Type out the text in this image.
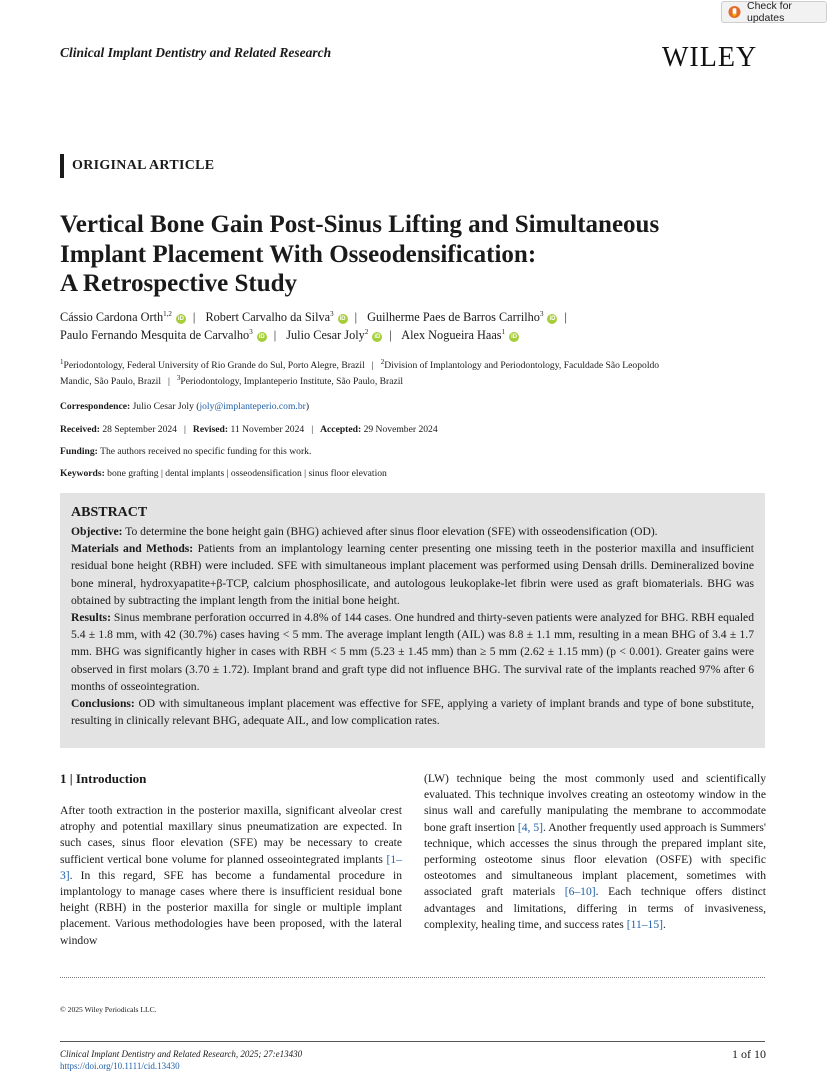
Check for updates
Clinical Implant Dentistry and Related Research	WILEY
ORIGINAL ARTICLE
Vertical Bone Gain Post-Sinus Lifting and Simultaneous
Implant Placement With Osseodensification:
A Retrospective Study
Cássio Cardona Orth$^{1,2}$iD | Robert Carvalho da Silva$^3$iD | Guilherme Paes de Barros Carrilho$^3$iD |
Paulo Fernando Mesquita de Carvalho$^3$iD | Julio Cesar Joly$^2$iD | Alex Nogueira Haas$^1$iD
$^1$Periodontology, Federal University of Rio Grande do Sul, Porto Alegre, Brazil | $^2$Division of Implantology and Periodontology, Faculdade São Leopoldo
Mandic, São Paulo, Brazil | $^3$Periodontology, Implanteperio Institute, São Paulo, Brazil
Correspondence: Julio Cesar Joly (joly@implanteperio.com.br)
Received: 28 September 2024 | Revised: 11 November 2024 | Accepted: 29 November 2024
Funding: The authors received no specific funding for this work.
Keywords: bone grafting | dental implants | osseodensification | sinus floor elevation
ABSTRACT

Objective: To determine the bone height gain (BHG) achieved after sinus floor elevation (SFE) with osseodensification (OD).

Materials and Methods: Patients from an implantology learning center presenting one missing teeth in the posterior maxilla and insufficient residual bone height (RBH) were included. SFE with simultaneous implant placement was performed using Densah drills. Demineralized bovine bone mineral, hydroxyapatite+β-TCP, calcium phosphosilicate, and autologous leukoplake-let fibrin were used as graft biomaterials. BHG was obtained by subtracting the implant length from the initial bone height.

Results: Sinus membrane perforation occurred in 4.8% of 144 cases. One hundred and thirty-seven patients were analyzed for BHG. RBH equaled 5.4 ± 1.8 mm, with 42 (30.7%) cases having < 5 mm. The average implant length (AIL) was 8.8 ± 1.1 mm, resulting in a mean BHG of 3.4 ± 1.7 mm. BHG was significantly higher in cases with RBH < 5 mm (5.23 ± 1.45 mm) than ≥ 5 mm (2.62 ± 1.15 mm) (p < 0.001). Greater gains were observed in first molars (3.70 ± 1.72). Implant brand and graft type did not influence BHG. The survival rate of the implants reached 97% after 6 months of osseointegration.

Conclusions: OD with simultaneous implant placement was effective for SFE, applying a variety of implant brands and type of bone substitute, resulting in clinically relevant BHG, adequate AIL, and low complication rates.

1 | Introduction
After tooth extraction in the posterior maxilla, significant alveolar crest atrophy and potential maxillary sinus pneumatization are expected. In such cases, sinus floor elevation (SFE) may be necessary to create sufficient vertical bone volume for planned osseointegrated implants [1–3]. In this regard, SFE has become a fundamental procedure in implantology to manage cases where there is insufficient residual bone height (RBH) in the posterior maxilla for single or multiple implant placement. Various methodologies have been proposed, with the lateral window
(LW) technique being the most commonly used and scientifically evaluated. This technique involves creating an osteotomy window in the sinus wall and carefully manipulating the membrane to accommodate bone graft insertion [4, 5]. Another frequently used approach is Summers' technique, which accesses the sinus through the prepared implant site, performing osteotome sinus floor elevation (OSFE) with specific osteotomes and simultaneous implant placement, sometimes with associated graft materials [6–10]. Each technique offers distinct advantages and limitations, differing in terms of invasiveness, complexity, healing time, and success rates [11–15].
© 2025 Wiley Periodicals LLC.
Clinical Implant Dentistry and Related Research, 2025; 27:e13430
https://doi.org/10.1111/cid.13430
1 of 10
